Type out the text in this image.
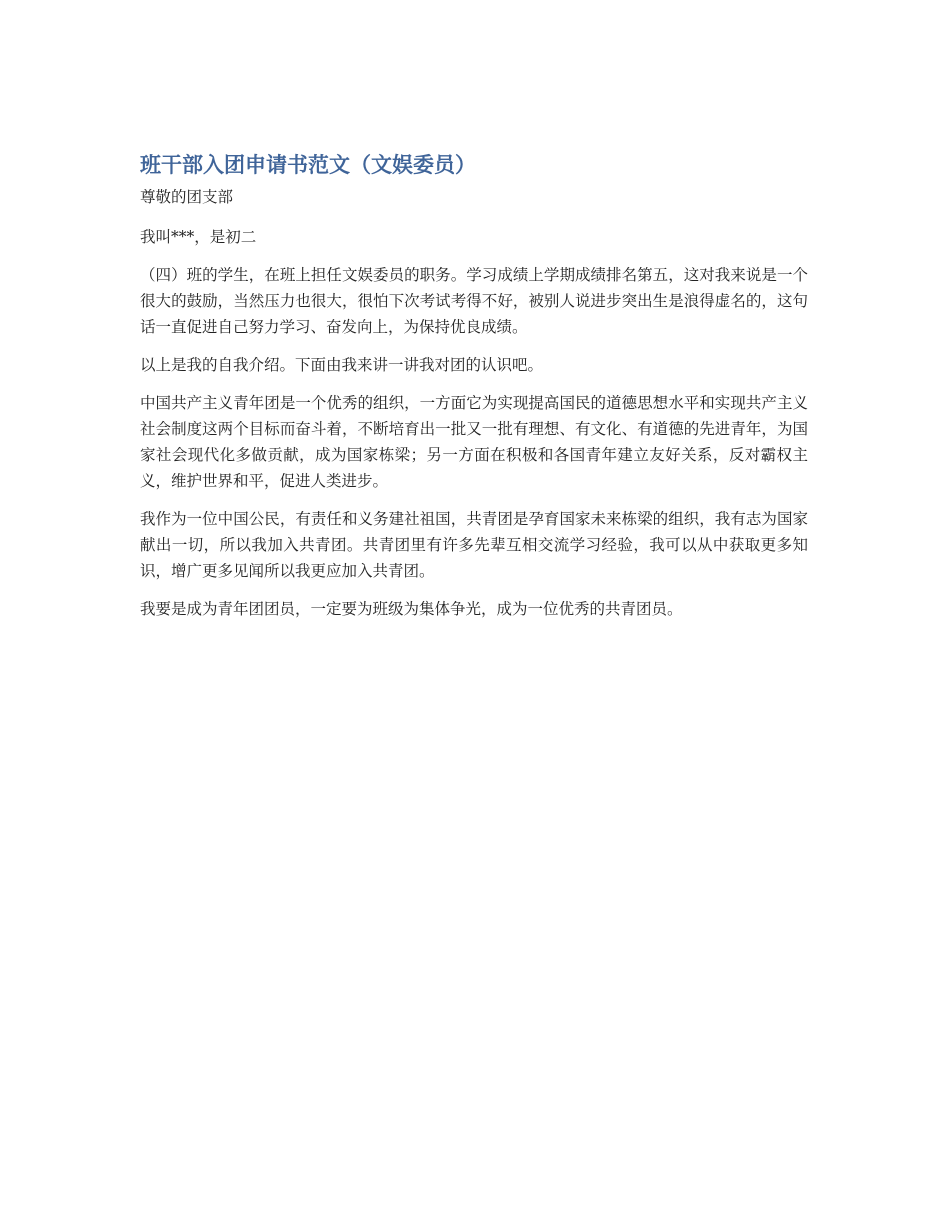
班干部入团申请书范文（文娱委员）

尊敬的团支部

我叫***，是初二

（四）班的学生，在班上担任文娱委员的职务。学习成绩上学期成绩排名第五，这对我来说是一个很大的鼓励，当然压力也很大，很怕下次考试考得不好，被别人说进步突出生是浪得虚名的，这句话一直促进自己努力学习、奋发向上，为保持优良成绩。

以上是我的自我介绍。下面由我来讲一讲我对团的认识吧。

中国共产主义青年团是一个优秀的组织，一方面它为实现提高国民的道德思想水平和实现共产主义社会制度这两个目标而奋斗着，不断培育出一批又一批有理想、有文化、有道德的先进青年，为国家社会现代化多做贡献，成为国家栋梁；另一方面在积极和各国青年建立友好关系，反对霸权主义，维护世界和平，促进人类进步。

我作为一位中国公民，有责任和义务建社祖国，共青团是孕育国家未来栋梁的组织，我有志为国家献出一切，所以我加入共青团。共青团里有许多先辈互相交流学习经验，我可以从中获取更多知识，增广更多见闻所以我更应加入共青团。

我要是成为青年团团员，一定要为班级为集体争光，成为一位优秀的共青团员。
